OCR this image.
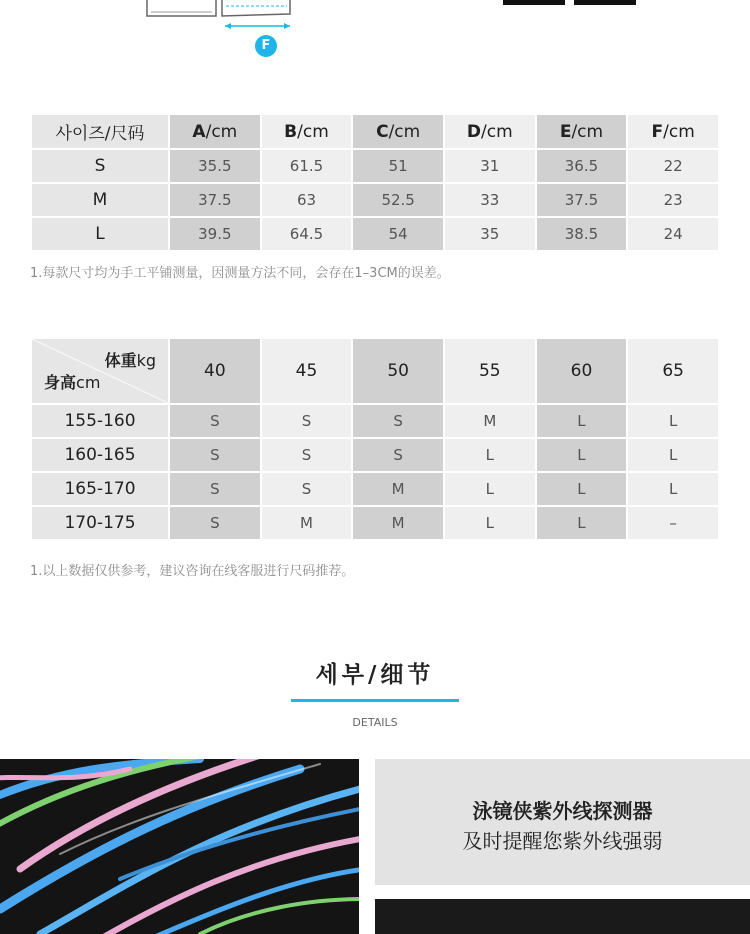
F
사이즈/尺码	A/cm	B/cm	C/cm	D/cm	E/cm	F/cm
S	35.5	61.5	51	31	36.5	22
M	37.5	63	52.5	33	37.5	23
L	39.5	64.5	54	35	38.5	24
1.每款尺寸均为手工平铺测量，因测量方法不同，会存在1–3CM的误差。
体重kg
身高cm	40	45	50	55	60	65
155-160	S	S	S	M	L	L
160-165	S	S	S	L	L	L
165-170	S	S	M	L	L	L
170-175	S	M	M	L	L	–
1.以上数据仅供参考，建议咨询在线客服进行尺码推荐。
세부/细节
DETAILS
泳镜侠紫外线探测器
及时提醒您紫外线强弱
